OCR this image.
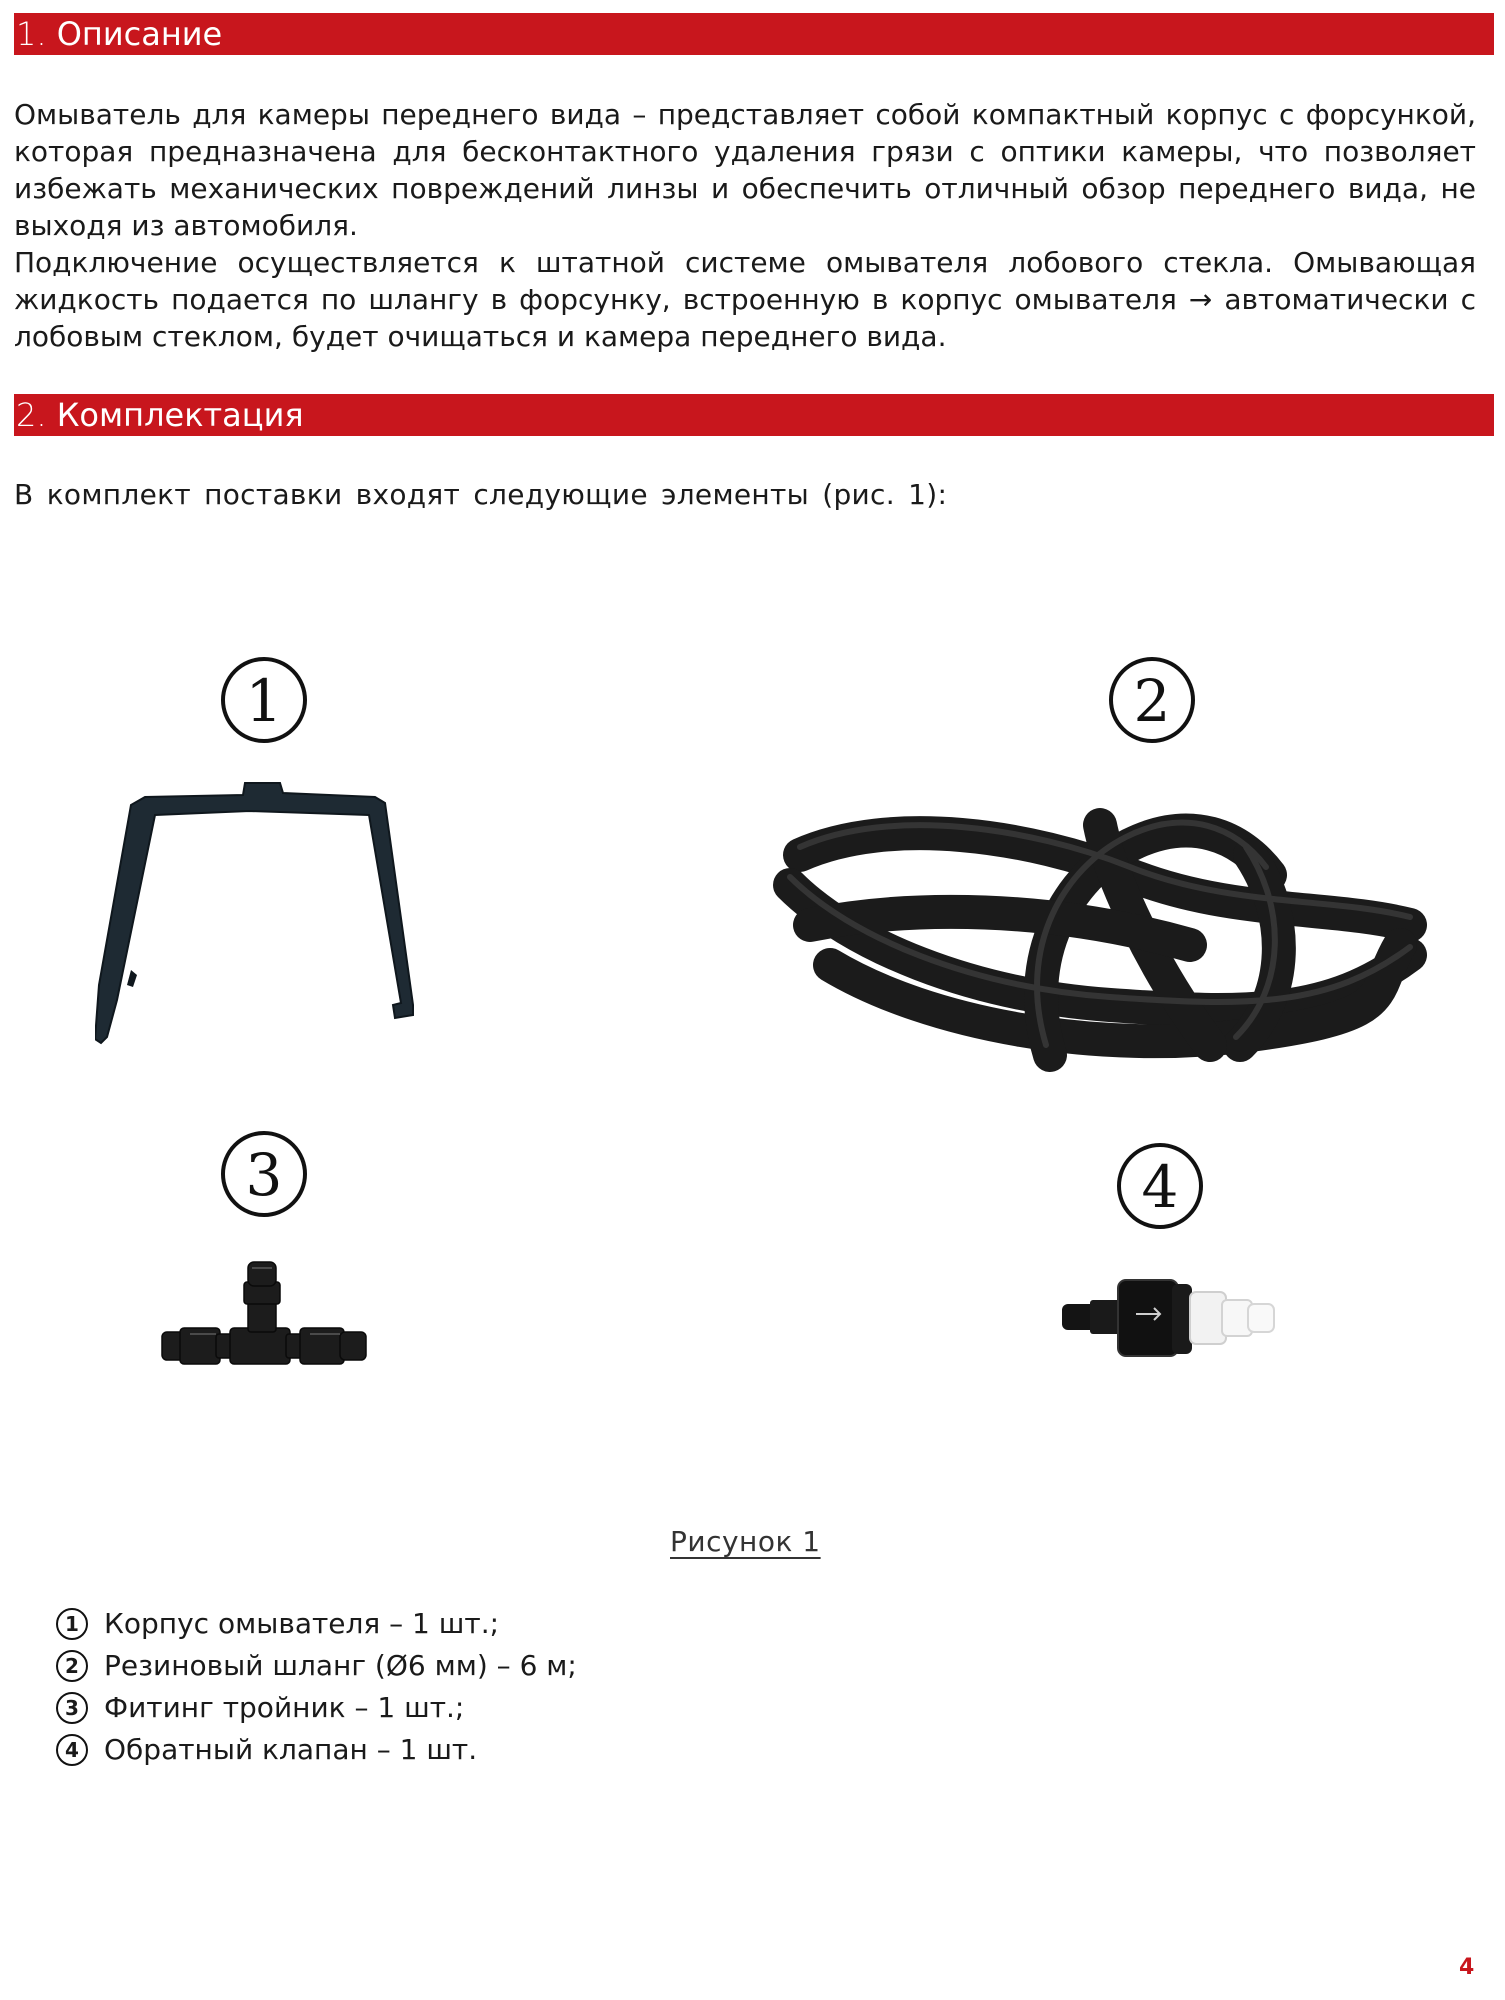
1. Описание

Омыватель для камеры переднего вида – представляет собой компактный корпус с форсункой, которая предназначена для бесконтактного удаления грязи с оптики камеры, что позволяет избежать механических повреждений линзы и обеспечить отличный обзор переднего вида, не выходя из автомобиля.

Подключение осуществляется к штатной системе омывателя лобового стекла. Омывающая жидкость подается по шлангу в форсунку, встроенную в корпус омывателя → автоматически с лобовым стеклом, будет очищаться и камера переднего вида.

2. Комплектация
В комплект поставки входят следующие элементы (рис. 1):
1	2
3	4
Рисунок 1
1 Корпус омывателя – 1 шт.;
2 Резиновый шланг (Ø6 мм) – 6 м;
3 Фитинг тройник – 1 шт.;
4 Обратный клапан – 1 шт.
4
